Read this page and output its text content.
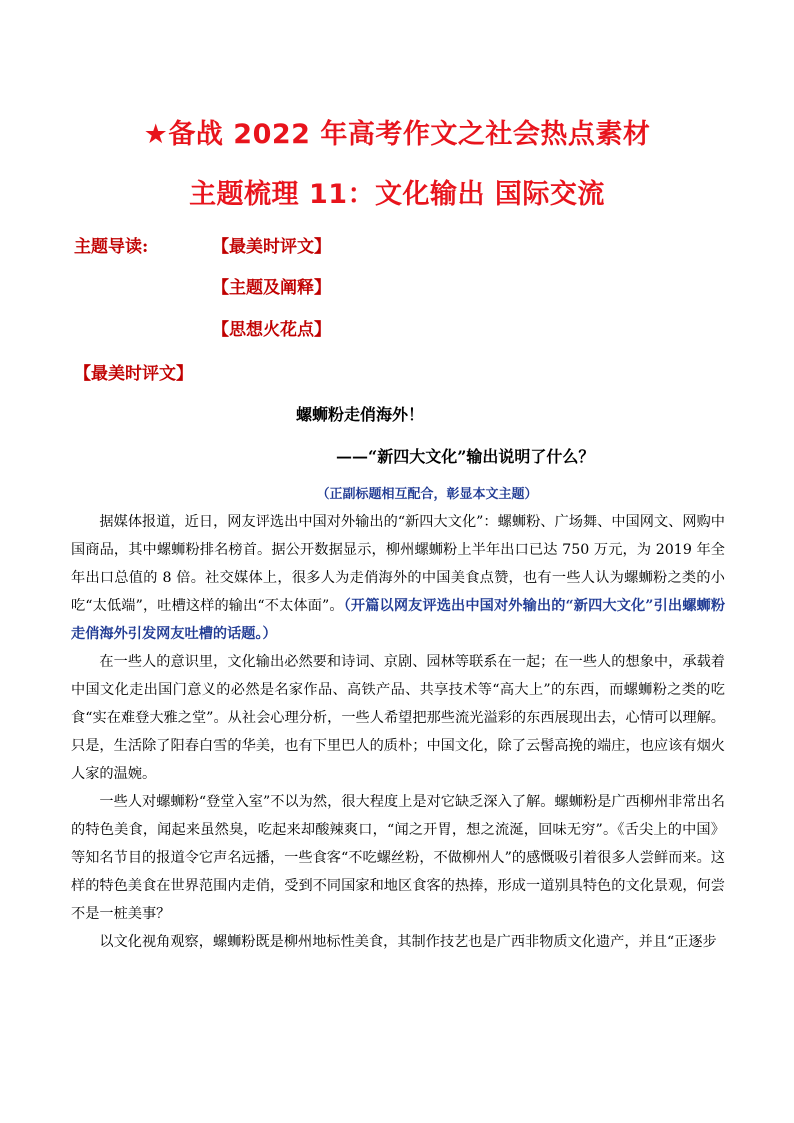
★备战 2022 年高考作文之社会热点素材
主题梳理 11：文化输出 国际交流
主题导读:	【最美时评文】
【主题及阐释】
【思想火花点】
【最美时评文】
螺蛳粉走俏海外！
——“新四大文化”输出说明了什么？
（正副标题相互配合，彰显本文主题）

据媒体报道，近日，网友评选出中国对外输出的“新四大文化”：螺蛳粉、广场舞、中国网文、网购中国商品，其中螺蛳粉排名榜首。据公开数据显示，柳州螺蛳粉上半年出口已达 750 万元，为 2019 年全年出口总值的 8 倍。社交媒体上，很多人为走俏海外的中国美食点赞，也有一些人认为螺蛳粉之类的小吃“太低端”，吐槽这样的输出“不太体面”。（开篇以网友评选出中国对外输出的“新四大文化”引出螺蛳粉走俏海外引发网友吐槽的话题。）

在一些人的意识里，文化输出必然要和诗词、京剧、园林等联系在一起；在一些人的想象中，承载着中国文化走出国门意义的必然是名家作品、高铁产品、共享技术等“高大上”的东西，而螺蛳粉之类的吃食“实在难登大雅之堂”。从社会心理分析，一些人希望把那些流光溢彩的东西展现出去，心情可以理解。只是，生活除了阳春白雪的华美，也有下里巴人的质朴；中国文化，除了云髻高挽的端庄，也应该有烟火人家的温婉。

一些人对螺蛳粉“登堂入室”不以为然，很大程度上是对它缺乏深入了解。螺蛳粉是广西柳州非常出名的特色美食，闻起来虽然臭，吃起来却酸辣爽口，“闻之开胃，想之流涎，回味无穷”。《舌尖上的中国》等知名节目的报道令它声名远播，一些食客“不吃螺丝粉，不做柳州人”的感慨吸引着很多人尝鲜而来。这样的特色美食在世界范围内走俏，受到不同国家和地区食客的热捧，形成一道别具特色的文化景观，何尝不是一桩美事？

以文化视角观察，螺蛳粉既是柳州地标性美食，其制作技艺也是广西非物质文化遗产，并且“正逐步
